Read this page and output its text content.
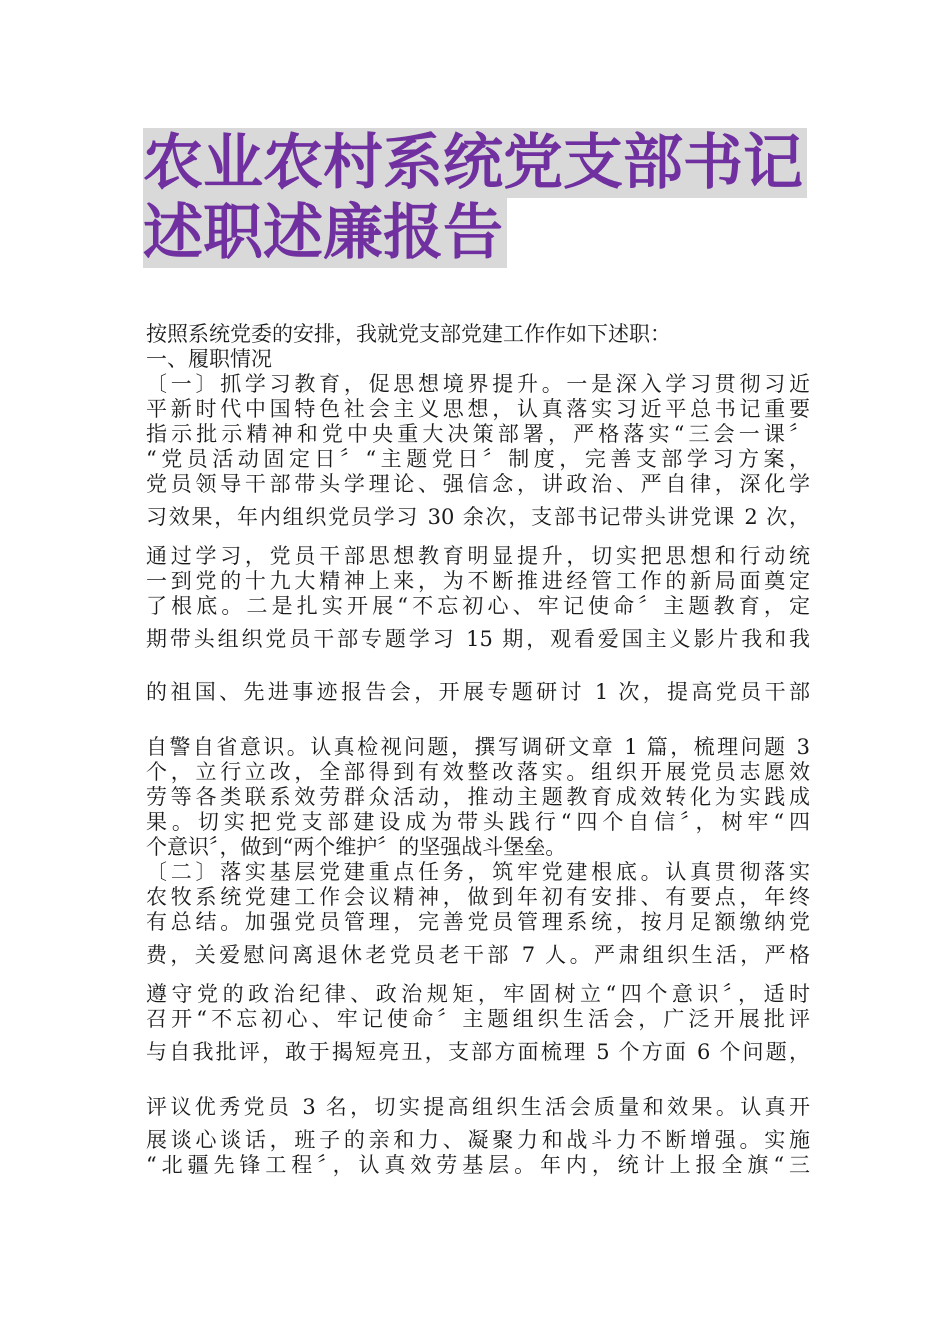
农业农村系统党支部书记
述职述廉报告
按照系统党委的安排，我就党支部党建工作作如下述职：
一、履职情况
〔一〕抓学习教育，促思想境界提升。一是深入学习贯彻习近
平新时代中国特色社会主义思想，认真落实习近平总书记重要
指示批示精神和党中央重大决策部署，严格落实“三会一课〞
“党员活动固定日〞“主题党日〞制度，完善支部学习方案，
党员领导干部带头学理论、强信念，讲政治、严自律，深化学
习效果，年内组织党员学习 30 余次，支部书记带头讲党课 2 次，
通过学习，党员干部思想教育明显提升，切实把思想和行动统
一到党的十九大精神上来，为不断推进经管工作的新局面奠定
了根底。二是扎实开展“不忘初心、牢记使命〞主题教育，定
期带头组织党员干部专题学习 15 期，观看爱国主义影片我和我
的祖国、先进事迹报告会，开展专题研讨 1 次，提高党员干部
自警自省意识。认真检视问题，撰写调研文章 1 篇，梳理问题 3
个，立行立改，全部得到有效整改落实。组织开展党员志愿效
劳等各类联系效劳群众活动，推动主题教育成效转化为实践成
果。切实把党支部建设成为带头践行“四个自信〞，树牢“四
个意识〞，做到“两个维护〞的坚强战斗堡垒。
〔二〕落实基层党建重点任务，筑牢党建根底。认真贯彻落实
农牧系统党建工作会议精神，做到年初有安排、有要点，年终
有总结。加强党员管理，完善党员管理系统，按月足额缴纳党
费，关爱慰问离退休老党员老干部 7 人。严肃组织生活，严格
遵守党的政治纪律、政治规矩，牢固树立“四个意识〞，适时
召开“不忘初心、牢记使命〞主题组织生活会，广泛开展批评
与自我批评，敢于揭短亮丑，支部方面梳理 5 个方面 6 个问题，
评议优秀党员 3 名，切实提高组织生活会质量和效果。认真开
展谈心谈话，班子的亲和力、凝聚力和战斗力不断增强。实施
“北疆先锋工程〞，认真效劳基层。年内，统计上报全旗“三
